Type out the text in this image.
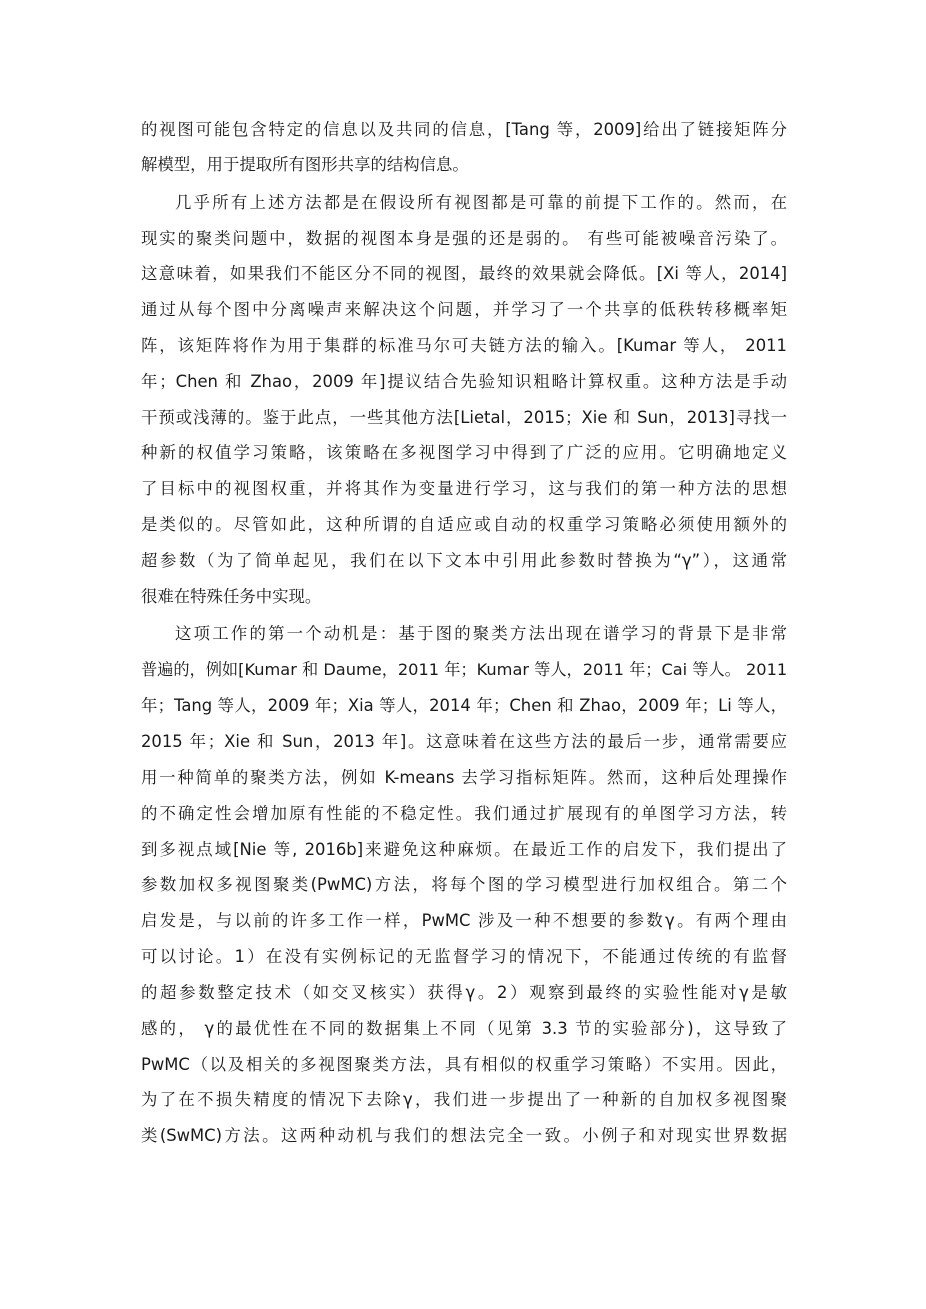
的视图可能包含特定的信息以及共同的信息，[Tang 等，2009]给出了链接矩阵分
解模型，用于提取所有图形共享的结构信息。
几乎所有上述方法都是在假设所有视图都是可靠的前提下工作的。然而，在
现实的聚类问题中，数据的视图本身是强的还是弱的。 有些可能被噪音污染了。
这意味着，如果我们不能区分不同的视图，最终的效果就会降低。[Xi 等人，2014]
通过从每个图中分离噪声来解决这个问题，并学习了一个共享的低秩转移概率矩
阵，该矩阵将作为用于集群的标准马尔可夫链方法的输入。[Kumar 等人， 2011
年；Chen 和 Zhao，2009 年]提议结合先验知识粗略计算权重。这种方法是手动
干预或浅薄的。鉴于此点，一些其他方法[Lietal，2015；Xie 和 Sun，2013]寻找一
种新的权值学习策略，该策略在多视图学习中得到了广泛的应用。它明确地定义
了目标中的视图权重，并将其作为变量进行学习，这与我们的第一种方法的思想
是类似的。尽管如此，这种所谓的自适应或自动的权重学习策略必须使用额外的
超参数（为了简单起见，我们在以下文本中引用此参数时替换为“γ”），这通常
很难在特殊任务中实现。
这项工作的第一个动机是：基于图的聚类方法出现在谱学习的背景下是非常
普遍的，例如[Kumar 和 Daume，2011 年；Kumar 等人，2011 年；Cai 等人。 2011
年；Tang 等人，2009 年；Xia 等人，2014 年；Chen 和 Zhao，2009 年；Li 等人，
2015 年；Xie 和 Sun，2013 年]。这意味着在这些方法的最后一步，通常需要应
用一种简单的聚类方法，例如 K-means 去学习指标矩阵。然而，这种后处理操作
的不确定性会增加原有性能的不稳定性。我们通过扩展现有的单图学习方法，转
到多视点域[Nie 等, 2016b]来避免这种麻烦。在最近工作的启发下，我们提出了
参数加权多视图聚类(PwMC)方法，将每个图的学习模型进行加权组合。第二个
启发是，与以前的许多工作一样，PwMC 涉及一种不想要的参数γ。有两个理由
可以讨论。1）在没有实例标记的无监督学习的情况下，不能通过传统的有监督
的超参数整定技术（如交叉核实）获得γ。2）观察到最终的实验性能对γ是敏
感的， γ的最优性在不同的数据集上不同（见第 3.3 节的实验部分)，这导致了
PwMC（以及相关的多视图聚类方法，具有相似的权重学习策略）不实用。因此，
为了在不损失精度的情况下去除γ，我们进一步提出了一种新的自加权多视图聚
类(SwMC)方法。这两种动机与我们的想法完全一致。小例子和对现实世界数据
